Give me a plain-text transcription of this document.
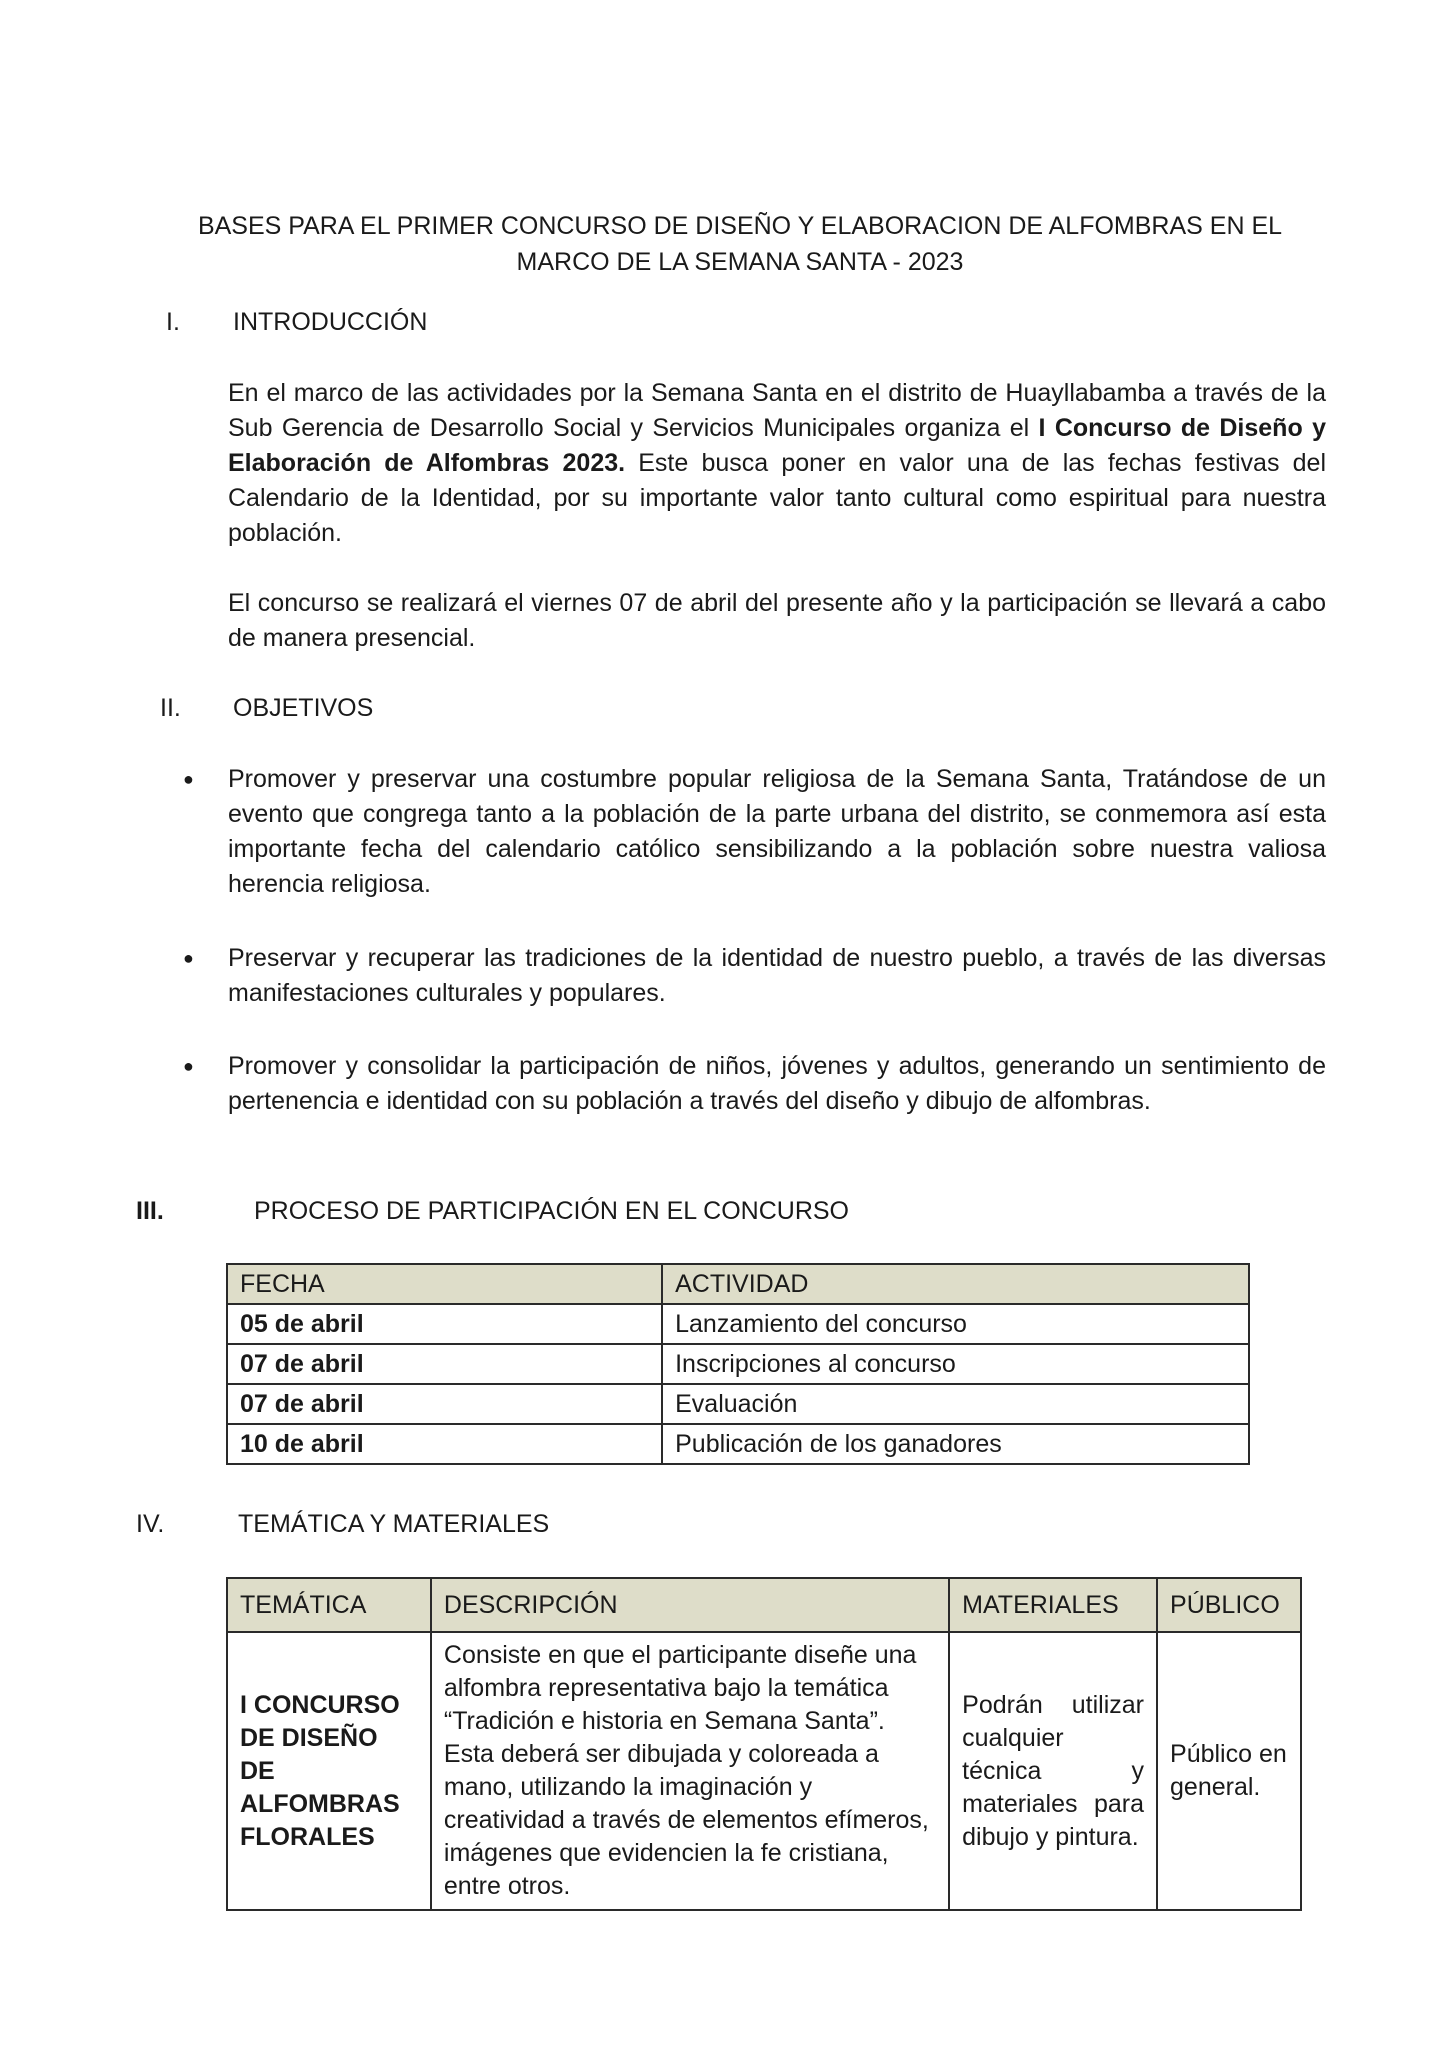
BASES PARA EL PRIMER CONCURSO DE DISEÑO Y ELABORACION DE ALFOMBRAS EN EL
MARCO DE LA SEMANA SANTA - 2023
I. INTRODUCCIÓN
En el marco de las actividades por la Semana Santa en el distrito de Huayllabamba a través de la Sub Gerencia de Desarrollo Social y Servicios Municipales organiza el I Concurso de Diseño y Elaboración de Alfombras 2023. Este busca poner en valor una de las fechas festivas del Calendario de la Identidad, por su importante valor tanto cultural como espiritual para nuestra población.
El concurso se realizará el viernes 07 de abril del presente año y la participación se llevará a cabo de manera presencial.
II. OBJETIVOS
● Promover y preservar una costumbre popular religiosa de la Semana Santa, Tratándose de un evento que congrega tanto a la población de la parte urbana del distrito, se conmemora así esta importante fecha del calendario católico sensibilizando a la población sobre nuestra valiosa herencia religiosa.
● Preservar y recuperar las tradiciones de la identidad de nuestro pueblo, a través de las diversas manifestaciones culturales y populares.
● Promover y consolidar la participación de niños, jóvenes y adultos, generando un sentimiento de pertenencia e identidad con su población a través del diseño y dibujo de alfombras.
III.	PROCESO DE PARTICIPACIÓN EN EL CONCURSO
FECHA	ACTIVIDAD
05 de abril	Lanzamiento del concurso
07 de abril	Inscripciones al concurso
07 de abril	Evaluación
10 de abril	Publicación de los ganadores
IV.	TEMÁTICA Y MATERIALES
TEMÁTICA	DESCRIPCIÓN	MATERIALES	PÚBLICO
I CONCURSO DE DISEÑO DE ALFOMBRAS FLORALES	Consiste en que el participante diseñe una alfombra representativa bajo la temática “Tradición e historia en Semana Santa”. Esta deberá ser dibujada y coloreada a mano, utilizando la imaginación y creatividad a través de elementos efímeros, imágenes que evidencien la fe cristiana, entre otros.	Podrán utilizar cualquier técnica y materiales para dibujo y pintura.	Público en general.
